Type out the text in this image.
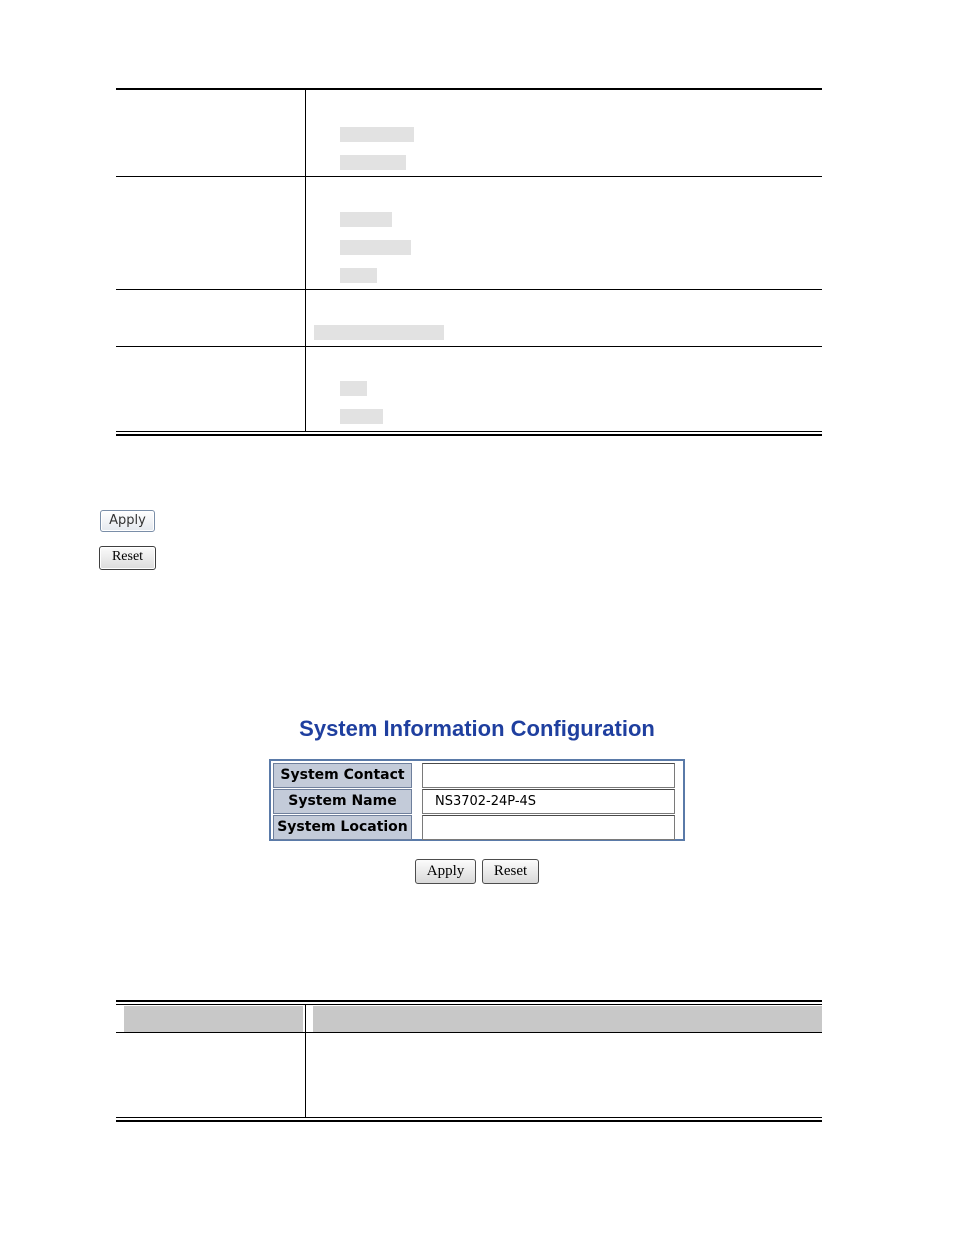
Apply
Reset
System Information Configuration
System Contact
System Name
NS3702-24P-4S
System Location
Apply	Reset
